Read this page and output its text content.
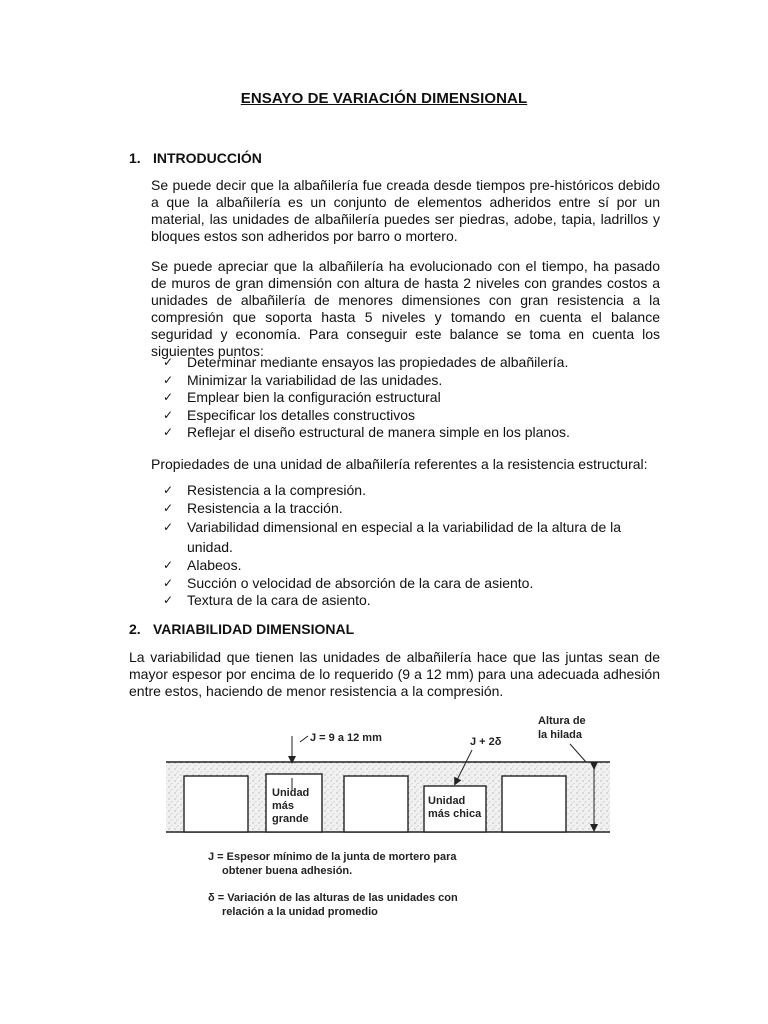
ENSAYO DE VARIACIÓN DIMENSIONAL
1. INTRODUCCIÓN

Se puede decir que la albañilería fue creada desde tiempos pre-históricos debido a que la albañilería es un conjunto de elementos adheridos entre sí por un material, las unidades de albañilería puedes ser piedras, adobe, tapia, ladrillos y bloques estos son adheridos por barro o mortero.

Se puede apreciar que la albañilería ha evolucionado con el tiempo, ha pasado de muros de gran dimensión con altura de hasta 2 niveles con grandes costos a unidades de albañilería de menores dimensiones con gran resistencia a la compresión que soporta hasta 5 niveles y tomando en cuenta el balance seguridad y economía. Para conseguir este balance se toma en cuenta los siguientes puntos:

✓ Determinar mediante ensayos las propiedades de albañilería.
✓ Minimizar la variabilidad de las unidades.
✓ Emplear bien la configuración estructural
✓ Especificar los detalles constructivos
✓ Reflejar el diseño estructural de manera simple en los planos.

Propiedades de una unidad de albañilería referentes a la resistencia estructural:

✓ Resistencia a la compresión.
✓ Resistencia a la tracción.
✓ Variabilidad dimensional en especial a la variabilidad de la altura de la unidad.
✓ Alabeos.
✓ Succión o velocidad de absorción de la cara de asiento.
✓ Textura de la cara de asiento.
2. VARIABILIDAD DIMENSIONAL

La variabilidad que tienen las unidades de albañilería hace que las juntas sean de mayor espesor por encima de lo requerido (9 a 12 mm) para una adecuada adhesión entre estos, haciendo de menor resistencia a la compresión.

Unidad
más
grande
Unidad
más chica
J = 9 a 12 mm	J + 2δ
Altura de
la hilada
J = Espesor mínimo de la junta de mortero para
obtener buena adhesión.
δ = Variación de las alturas de las unidades con
relación a la unidad promedio
